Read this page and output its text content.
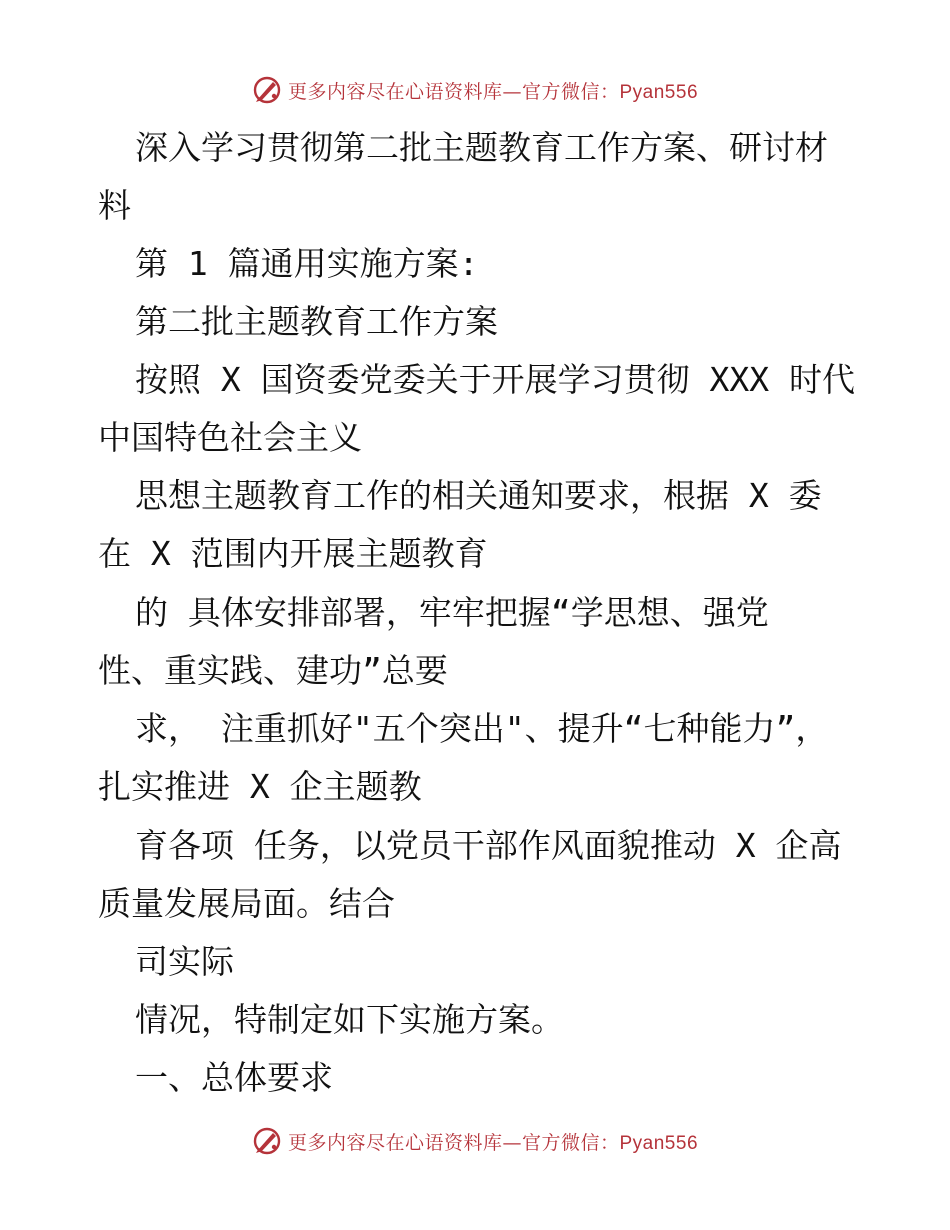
更多内容尽在心语资料库—官方微信：Pyan556
深入学习贯彻第二批主题教育工作方案、研讨材
料
第 1 篇通用实施方案:
第二批主题教育工作方案
按照 X 国资委党委关于开展学习贯彻 XXX 时代
中国特色社会主义
思想主题教育工作的相关通知要求，根据 X 委
在 X 范围内开展主题教育
的 具体安排部署，牢牢把握“学思想、强党
性、重实践、建功”总要
求， 注重抓好"五个突出"、提升“七种能力”，
扎实推进 X 企主题教
育各项 任务，以党员干部作风面貌推动 X 企高
质量发展局面。结合
司实际
情况，特制定如下实施方案。
一、总体要求
更多内容尽在心语资料库—官方微信：Pyan556
